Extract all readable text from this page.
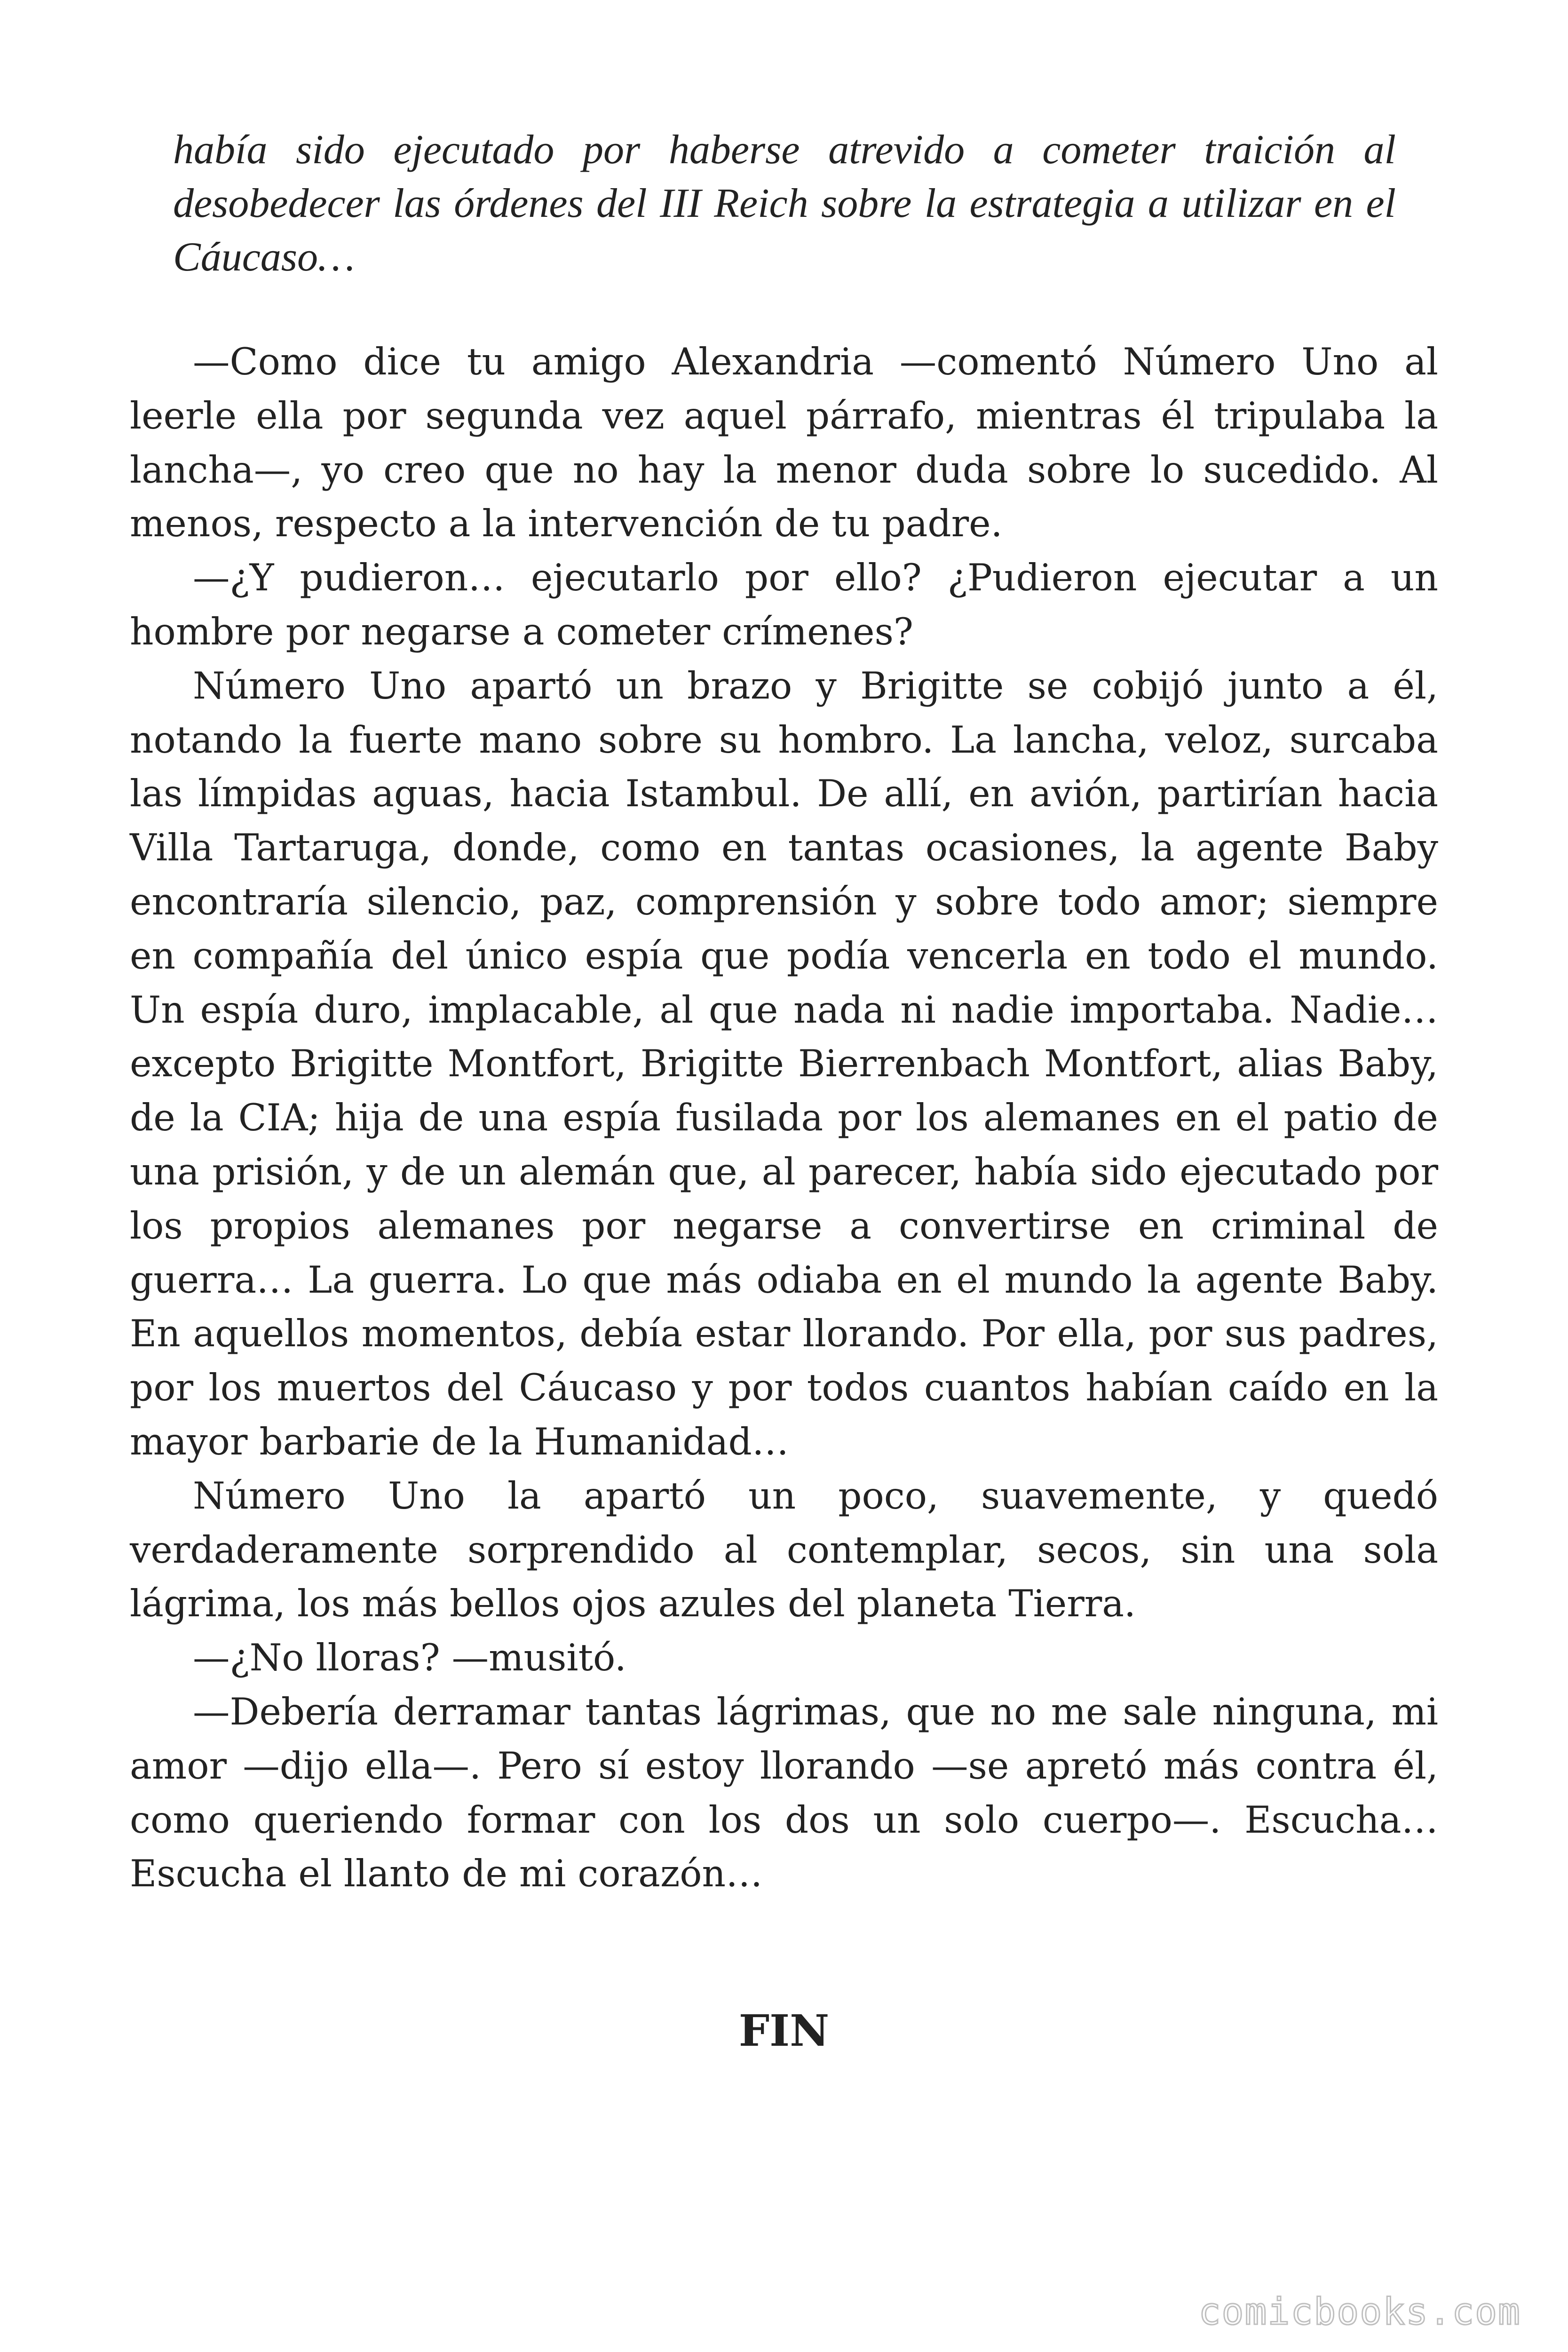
había sido ejecutado por haberse atrevido a cometer traición al desobedecer las órdenes del III Reich sobre la estrategia a utilizar en el Cáucaso…

—Como dice tu amigo Alexandria —comentó Número Uno al leerle ella por segunda vez aquel párrafo, mientras él tripulaba la lancha—, yo creo que no hay la menor duda sobre lo sucedido. Al menos, respecto a la intervención de tu padre.

—¿Y pudieron… ejecutarlo por ello? ¿Pudieron ejecutar a un hombre por negarse a cometer crímenes?

Número Uno apartó un brazo y Brigitte se cobijó junto a él, notando la fuerte mano sobre su hombro. La lancha, veloz, surcaba las límpidas aguas, hacia Istambul. De allí, en avión, partirían hacia Villa Tartaruga, donde, como en tantas ocasiones, la agente Baby encontraría silencio, paz, comprensión y sobre todo amor; siempre en compañía del único espía que podía vencerla en todo el mundo. Un espía duro, implacable, al que nada ni nadie importaba. Nadie… excepto Brigitte Montfort, Brigitte Bierrenbach Montfort, alias Baby, de la CIA; hija de una espía fusilada por los alemanes en el patio de una prisión, y de un alemán que, al parecer, había sido ejecutado por los propios alemanes por negarse a convertirse en criminal de guerra… La guerra. Lo que más odiaba en el mundo la agente Baby. En aquellos momentos, debía estar llorando. Por ella, por sus padres, por los muertos del Cáucaso y por todos cuantos habían caído en la mayor barbarie de la Humanidad…

Número Uno la apartó un poco, suavemente, y quedó verdaderamente sorprendido al contemplar, secos, sin una sola lágrima, los más bellos ojos azules del planeta Tierra.

—¿No lloras? —musitó.

—Debería derramar tantas lágrimas, que no me sale ninguna, mi amor —dijo ella—. Pero sí estoy llorando —se apretó más contra él, como queriendo formar con los dos un solo cuerpo—. Escucha… Escucha el llanto de mi corazón…

FIN
comicbooks.com
